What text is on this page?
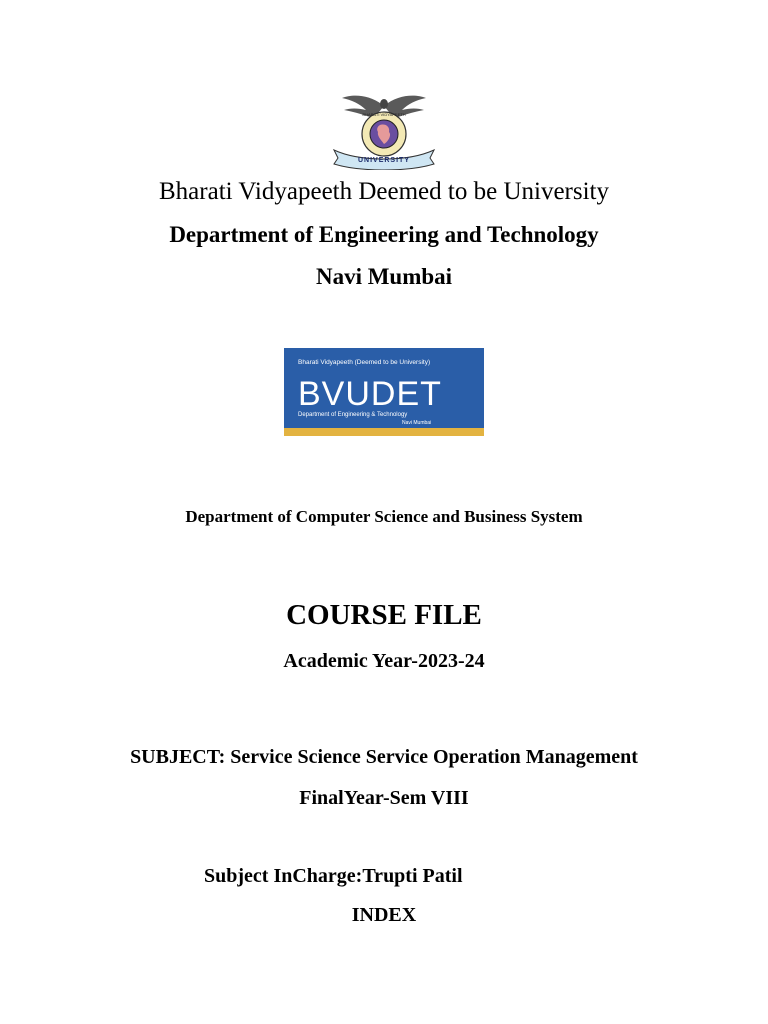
BHARATI VIDYAPEETH
UNIVERSITY
Bharati Vidyapeeth Deemed to be University
Department of Engineering and Technology
Navi Mumbai
Bharati Vidyapeeth (Deemed to be University)
BVUDET
Department of Engineering & Technology
Navi Mumbai
Department of Computer Science and Business System
COURSE FILE
Academic Year-2023-24
SUBJECT: Service Science Service Operation Management
FinalYear-Sem VIII
Subject InCharge:Trupti Patil
INDEX
